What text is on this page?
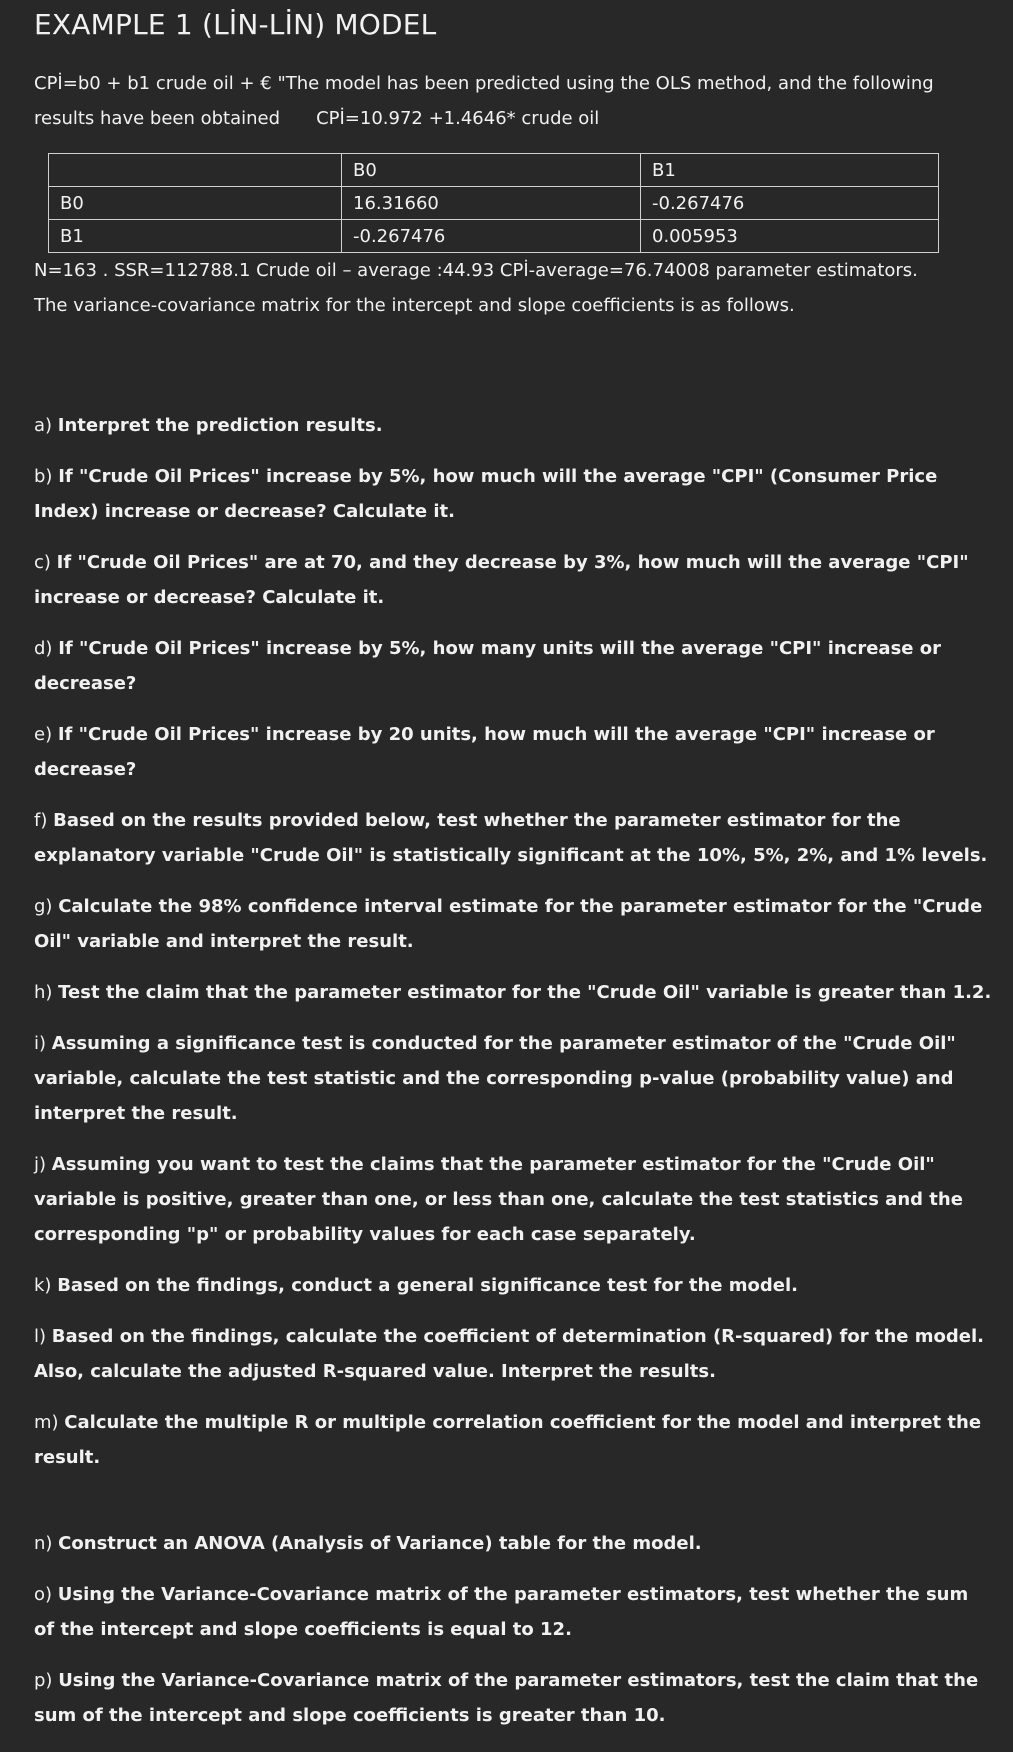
EXAMPLE 1 (LİN-LİN) MODEL
CPİ=b0 + b1 crude oil + € "The model has been predicted using the OLS method, and the following
results have been obtained CPİ=10.972 +1.4646* crude oil
	B0	B1
B0	16.31660	-0.267476
B1	-0.267476	0.005953
N=163 . SSR=112788.1 Crude oil – average :44.93 CPİ-average=76.74008 parameter estimators.
The variance-covariance matrix for the intercept and slope coefficients is as follows.

a) Interpret the prediction results.

b) If "Crude Oil Prices" increase by 5%, how much will the average "CPI" (Consumer Price Index) increase or decrease? Calculate it.

c) If "Crude Oil Prices" are at 70, and they decrease by 3%, how much will the average "CPI" increase or decrease? Calculate it.

d) If "Crude Oil Prices" increase by 5%, how many units will the average "CPI" increase or decrease?

e) If "Crude Oil Prices" increase by 20 units, how much will the average "CPI" increase or decrease?

f) Based on the results provided below, test whether the parameter estimator for the explanatory variable "Crude Oil" is statistically significant at the 10%, 5%, 2%, and 1% levels.

g) Calculate the 98% confidence interval estimate for the parameter estimator for the "Crude Oil" variable and interpret the result.

h) Test the claim that the parameter estimator for the "Crude Oil" variable is greater than 1.2.

i) Assuming a significance test is conducted for the parameter estimator of the "Crude Oil" variable, calculate the test statistic and the corresponding p-value (probability value) and interpret the result.

j) Assuming you want to test the claims that the parameter estimator for the "Crude Oil" variable is positive, greater than one, or less than one, calculate the test statistics and the corresponding "p" or probability values for each case separately.

k) Based on the findings, conduct a general significance test for the model.

l) Based on the findings, calculate the coefficient of determination (R-squared) for the model. Also, calculate the adjusted R-squared value. Interpret the results.

m) Calculate the multiple R or multiple correlation coefficient for the model and interpret the result.

n) Construct an ANOVA (Analysis of Variance) table for the model.

o) Using the Variance-Covariance matrix of the parameter estimators, test whether the sum of the intercept and slope coefficients is equal to 12.

p) Using the Variance-Covariance matrix of the parameter estimators, test the claim that the sum of the intercept and slope coefficients is greater than 10.
